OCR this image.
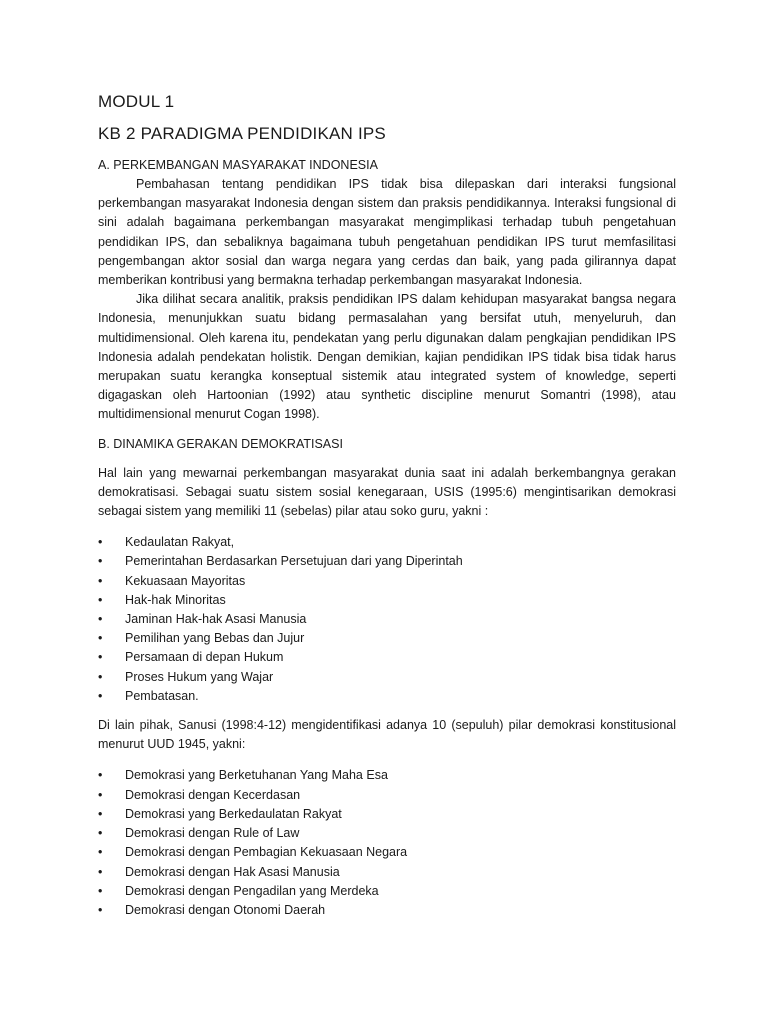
MODUL 1
KB 2 PARADIGMA PENDIDIKAN IPS
A. PERKEMBANGAN MASYARAKAT INDONESIA

Pembahasan tentang pendidikan IPS tidak bisa dilepaskan dari interaksi fungsional perkembangan masyarakat Indonesia dengan sistem dan praksis pendidikannya. Interaksi fungsional di sini adalah bagaimana perkembangan masyarakat mengimplikasi terhadap tubuh pengetahuan pendidikan IPS, dan sebaliknya bagaimana tubuh pengetahuan pendidikan IPS turut memfasilitasi pengembangan aktor sosial dan warga negara yang cerdas dan baik, yang pada gilirannya dapat memberikan kontribusi yang bermakna terhadap perkembangan masyarakat Indonesia.

Jika dilihat secara analitik, praksis pendidikan IPS dalam kehidupan masyarakat bangsa negara Indonesia, menunjukkan suatu bidang permasalahan yang bersifat utuh, menyeluruh, dan multidimensional. Oleh karena itu, pendekatan yang perlu digunakan dalam pengkajian pendidikan IPS Indonesia adalah pendekatan holistik. Dengan demikian, kajian pendidikan IPS tidak bisa tidak harus merupakan suatu kerangka konseptual sistemik atau integrated system of knowledge, seperti digagaskan oleh Hartoonian (1992) atau synthetic discipline menurut Somantri (1998), atau multidimensional menurut Cogan 1998).

B. DINAMIKA GERAKAN DEMOKRATISASI

Hal lain yang mewarnai perkembangan masyarakat dunia saat ini adalah berkembangnya gerakan demokratisasi. Sebagai suatu sistem sosial kenegaraan, USIS (1995:6) mengintisarikan demokrasi sebagai sistem yang memiliki 11 (sebelas) pilar atau soko guru, yakni :

•	Kedaulatan Rakyat,
•	Pemerintahan Berdasarkan Persetujuan dari yang Diperintah
•	Kekuasaan Mayoritas
•	Hak-hak Minoritas
•	Jaminan Hak-hak Asasi Manusia
•	Pemilihan yang Bebas dan Jujur
•	Persamaan di depan Hukum
•	Proses Hukum yang Wajar
•	Pembatasan.

Di lain pihak, Sanusi (1998:4-12) mengidentifikasi adanya 10 (sepuluh) pilar demokrasi konstitusional menurut UUD 1945, yakni:

•	Demokrasi yang Berketuhanan Yang Maha Esa
•	Demokrasi dengan Kecerdasan
•	Demokrasi yang Berkedaulatan Rakyat
•	Demokrasi dengan Rule of Law
•	Demokrasi dengan Pembagian Kekuasaan Negara
•	Demokrasi dengan Hak Asasi Manusia
•	Demokrasi dengan Pengadilan yang Merdeka
•	Demokrasi dengan Otonomi Daerah
